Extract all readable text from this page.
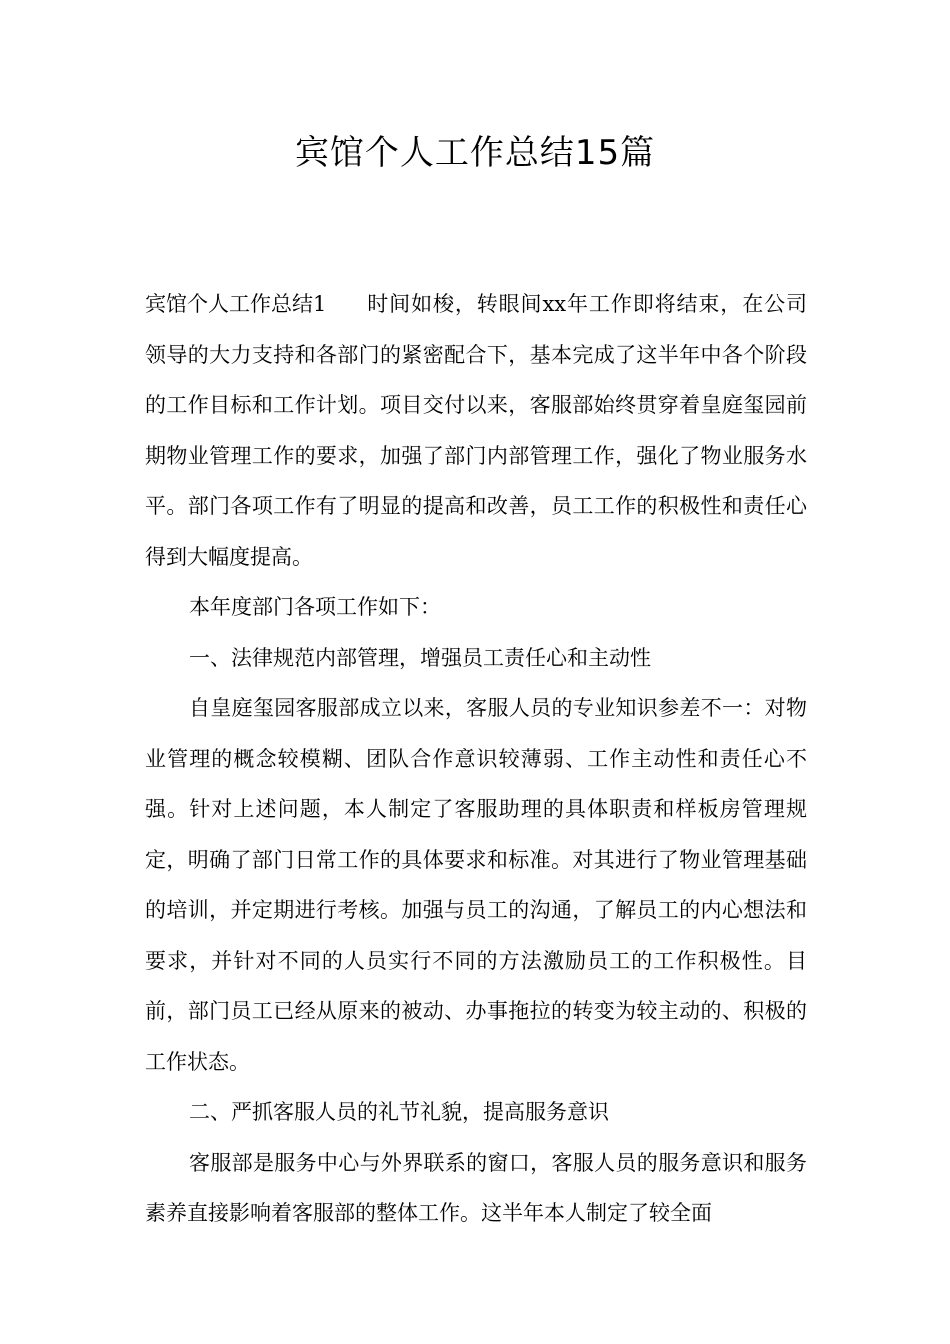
宾馆个人工作总结15篇

宾馆个人工作总结1 时间如梭，转眼间xx年工作即将结束，在公司领导的大力支持和各部门的紧密配合下，基本完成了这半年中各个阶段的工作目标和工作计划。项目交付以来，客服部始终贯穿着皇庭玺园前期物业管理工作的要求，加强了部门内部管理工作，强化了物业服务水平。部门各项工作有了明显的提高和改善，员工工作的积极性和责任心得到大幅度提高。

本年度部门各项工作如下：

一、法律规范内部管理，增强员工责任心和主动性

自皇庭玺园客服部成立以来，客服人员的专业知识参差不一：对物业管理的概念较模糊、团队合作意识较薄弱、工作主动性和责任心不强。针对上述问题，本人制定了客服助理的具体职责和样板房管理规定，明确了部门日常工作的具体要求和标准。对其进行了物业管理基础的培训，并定期进行考核。加强与员工的沟通，了解员工的内心想法和要求，并针对不同的人员实行不同的方法激励员工的工作积极性。目前，部门员工已经从原来的被动、办事拖拉的转变为较主动的、积极的工作状态。

二、严抓客服人员的礼节礼貌，提高服务意识

客服部是服务中心与外界联系的窗口，客服人员的服务意识和服务素养直接影响着客服部的整体工作。这半年本人制定了较全面
